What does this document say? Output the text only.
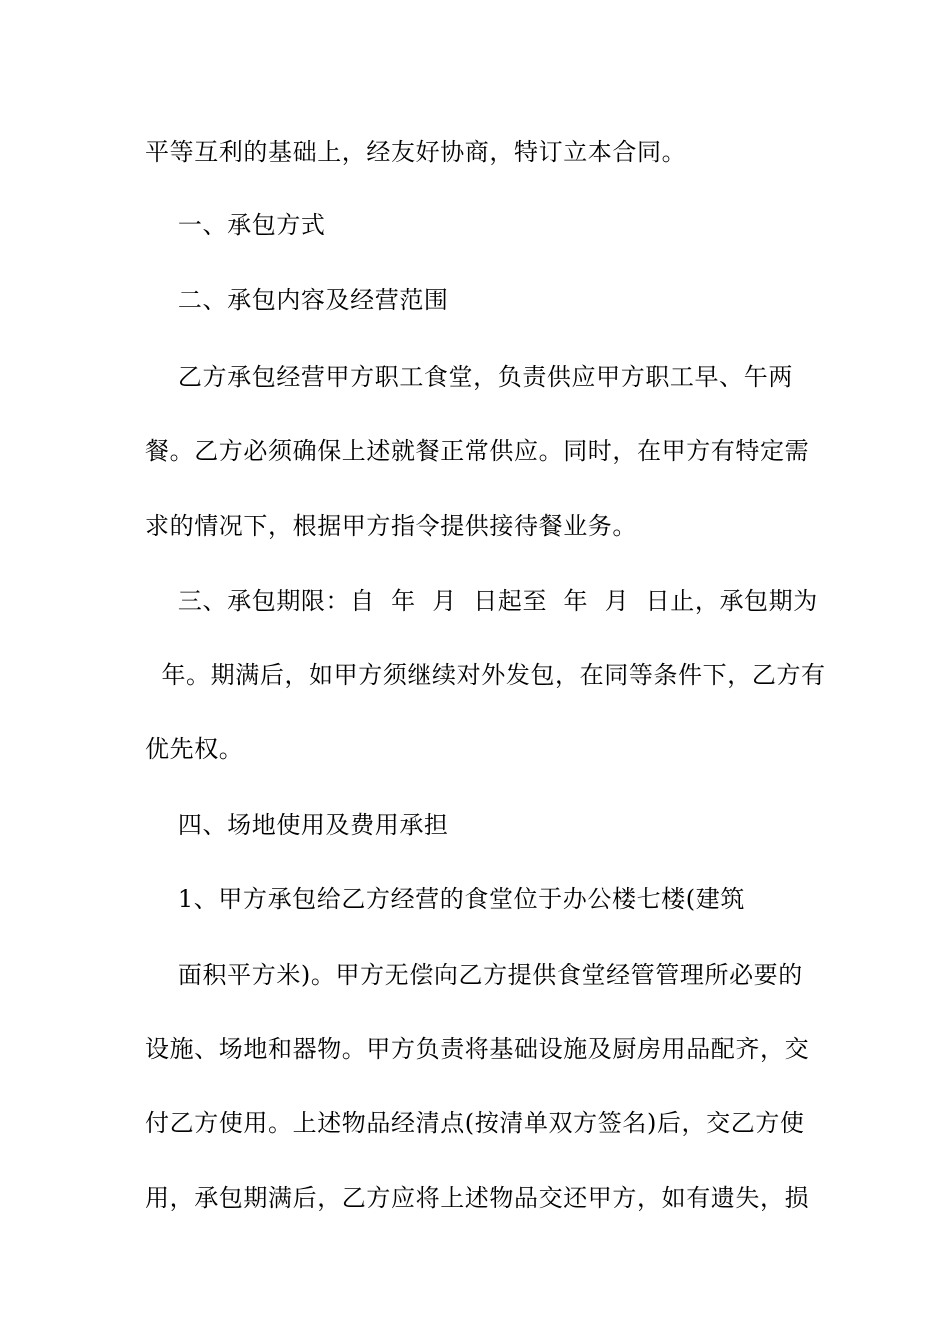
平等互利的基础上，经友好协商，特订立本合同。
一、承包方式
二、承包内容及经营范围
乙方承包经营甲方职工食堂，负责供应甲方职工早、午两
餐。乙方必须确保上述就餐正常供应。同时，在甲方有特定需
求的情况下，根据甲方指令提供接待餐业务。
三、承包期限：自  年  月  日起至  年  月  日止，承包期为
年。期满后，如甲方须继续对外发包，在同等条件下，乙方有
优先权。
四、场地使用及费用承担
1、甲方承包给乙方经营的食堂位于办公楼七楼(建筑
面积平方米)。甲方无偿向乙方提供食堂经管管理所必要的
设施、场地和器物。甲方负责将基础设施及厨房用品配齐，交
付乙方使用。上述物品经清点(按清单双方签名)后，交乙方使
用，承包期满后，乙方应将上述物品交还甲方，如有遗失，损
